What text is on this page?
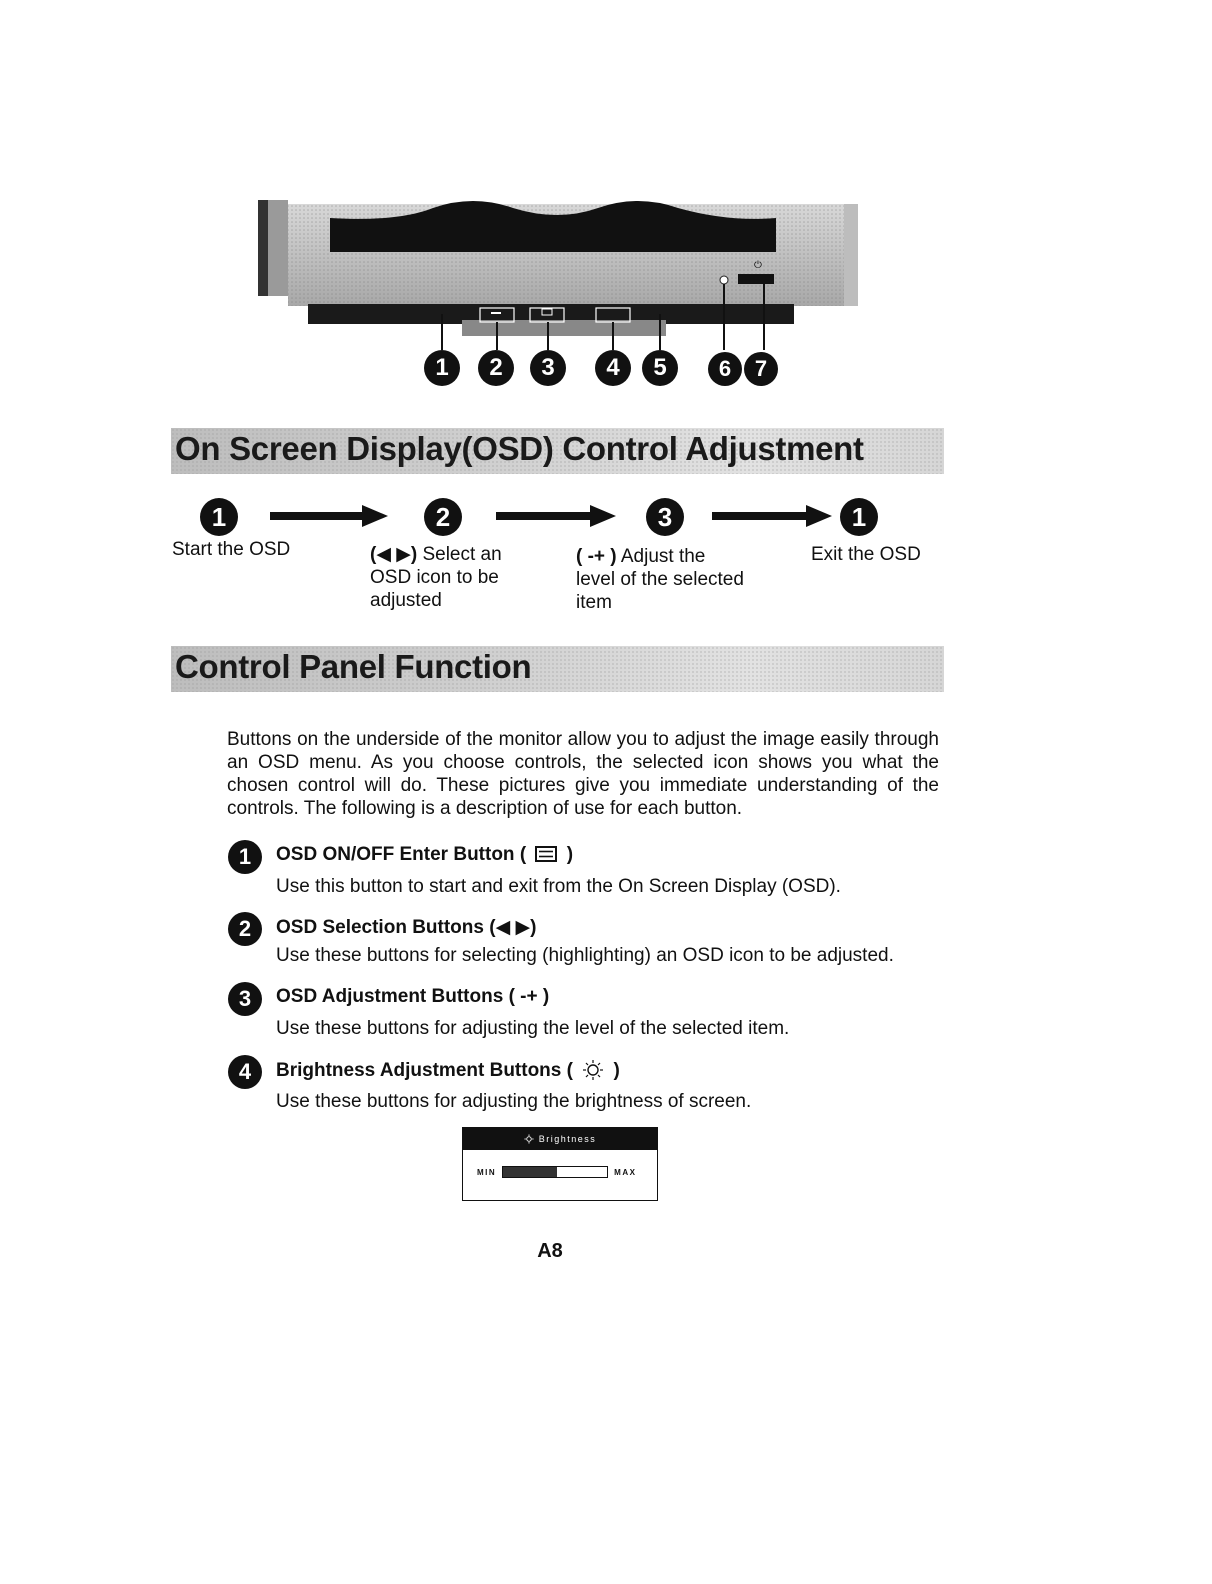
⏻
1	2	3	4	5	6	7
On Screen Display(OSD) Control Adjustment
1	2	3	1
Start the OSD	(◀ ▶) Select an
OSD icon to be
adjusted
( -+ ) Adjust the
level of the selected
item
Exit the OSD
Control Panel Function
Buttons on the underside of the monitor allow you to adjust the image easily through an OSD menu. As you choose controls, the selected icon shows you what the chosen control will do. These pictures give you immediate understanding of the controls. The following is a description of use for each button.
1	OSD ON/OFF Enter Button ( )
Use this button to start and exit from the On Screen Display (OSD).
2	OSD Selection Buttons (◀ ▶)
Use these buttons for selecting (highlighting) an OSD icon to be adjusted.
3	OSD Adjustment Buttons ( -+ )
Use these buttons for adjusting the level of the selected item.
4	Brightness Adjustment Buttons ( )
Use these buttons for adjusting the brightness of screen.
Brightness
MIN	MAX
A8
